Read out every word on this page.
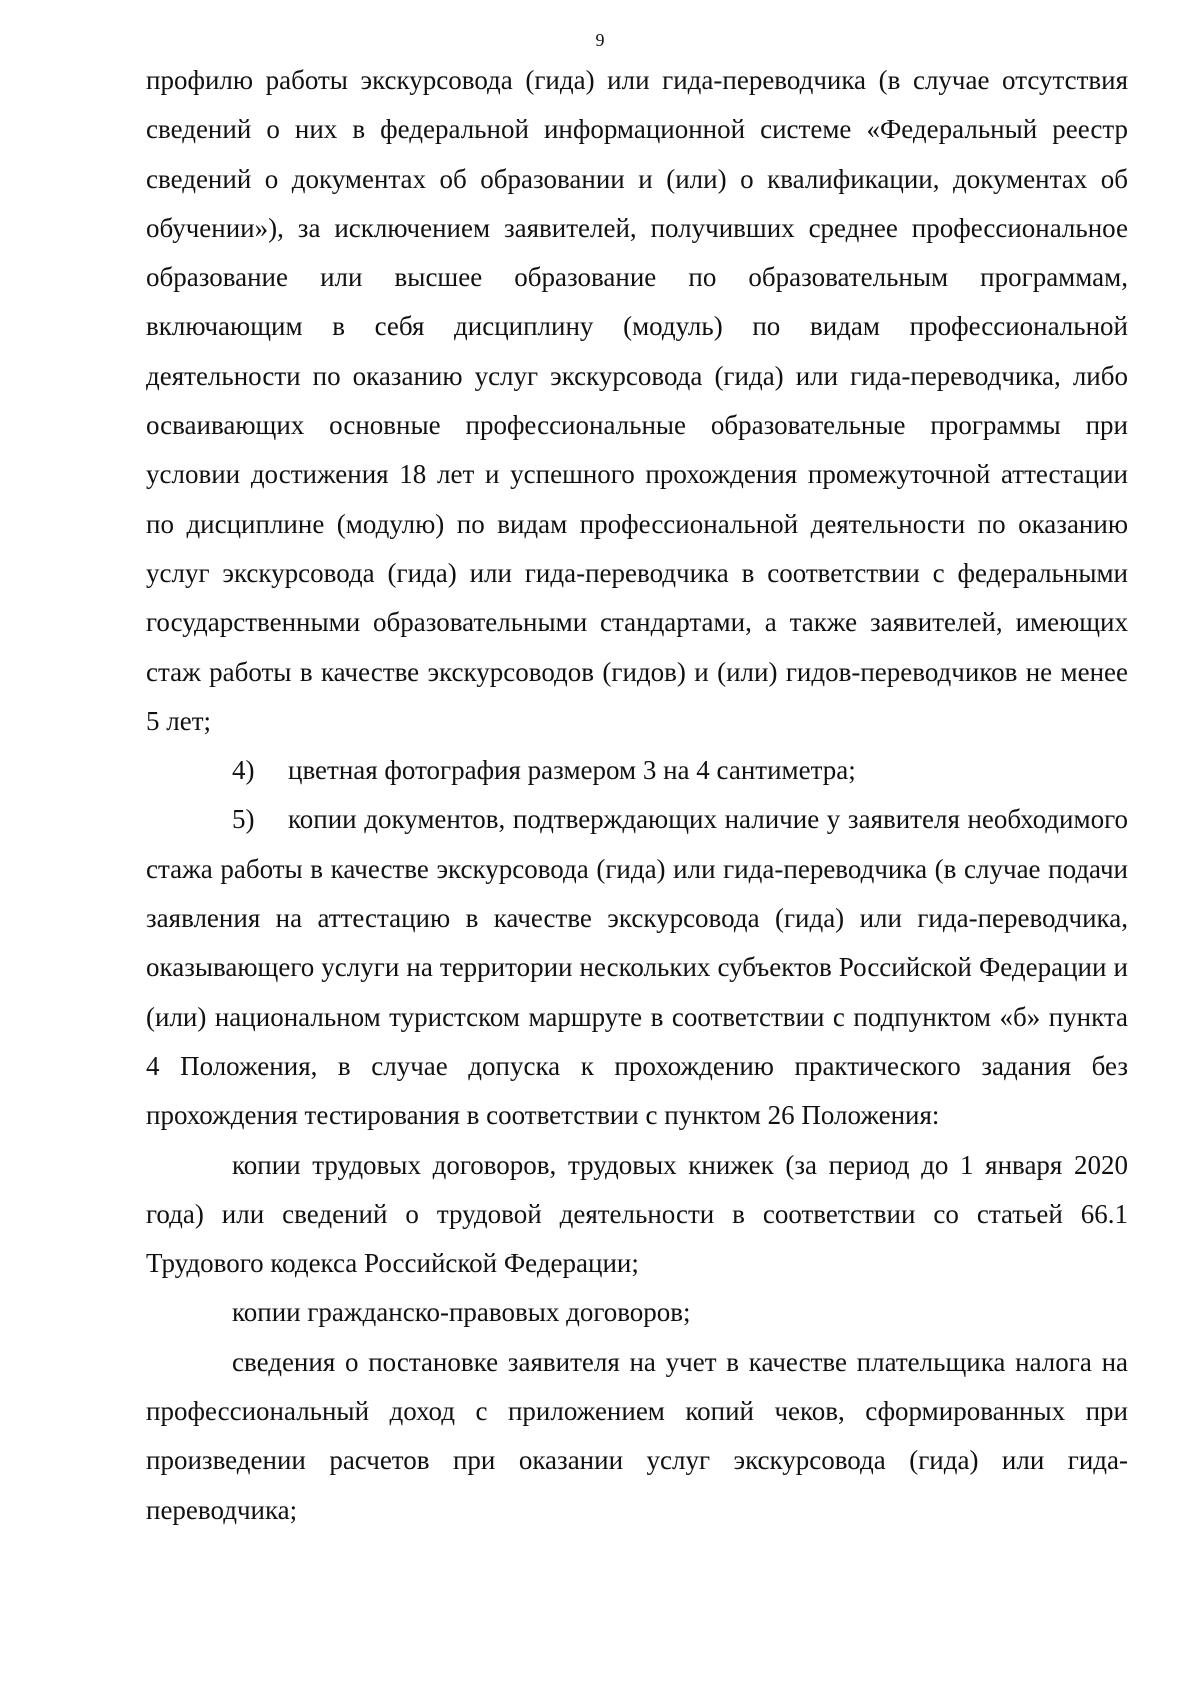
9

профилю работы экскурсовода (гида) или гида-переводчика (в случае отсутствия сведений о них в федеральной информационной системе «Федеральный реестр сведений о документах об образовании и (или) о квалификации, документах об обучении»), за исключением заявителей, получивших среднее профессиональное образование или высшее образование по образовательным программам, включающим в себя дисциплину (модуль) по видам профессиональной деятельности по оказанию услуг экскурсовода (гида) или гида-переводчика, либо осваивающих основные профессиональные образовательные программы при условии достижения 18 лет и успешного прохождения промежуточной аттестации по дисциплине (модулю) по видам профессиональной деятельности по оказанию услуг экскурсовода (гида) или гида-переводчика в соответствии с федеральными государственными образовательными стандартами, а также заявителей, имеющих стаж работы в качестве экскурсоводов (гидов) и (или) гидов-переводчиков не менее 5 лет;

4) цветная фотография размером 3 на 4 сантиметра;

5) копии документов, подтверждающих наличие у заявителя необходимого стажа работы в качестве экскурсовода (гида) или гида-переводчика (в случае подачи заявления на аттестацию в качестве экскурсовода (гида) или гида-переводчика, оказывающего услуги на территории нескольких субъектов Российской Федерации и (или) национальном туристском маршруте в соответствии с подпунктом «б» пункта 4 Положения, в случае допуска к прохождению практического задания без прохождения тестирования в соответствии с пунктом 26 Положения:

копии трудовых договоров, трудовых книжек (за период до 1 января 2020 года) или сведений о трудовой деятельности в соответствии со статьей 66.1 Трудового кодекса Российской Федерации;

копии гражданско-правовых договоров;

сведения о постановке заявителя на учет в качестве плательщика налога на профессиональный доход с приложением копий чеков, сформированных при произведении расчетов при оказании услуг экскурсовода (гида) или гида-переводчика;
